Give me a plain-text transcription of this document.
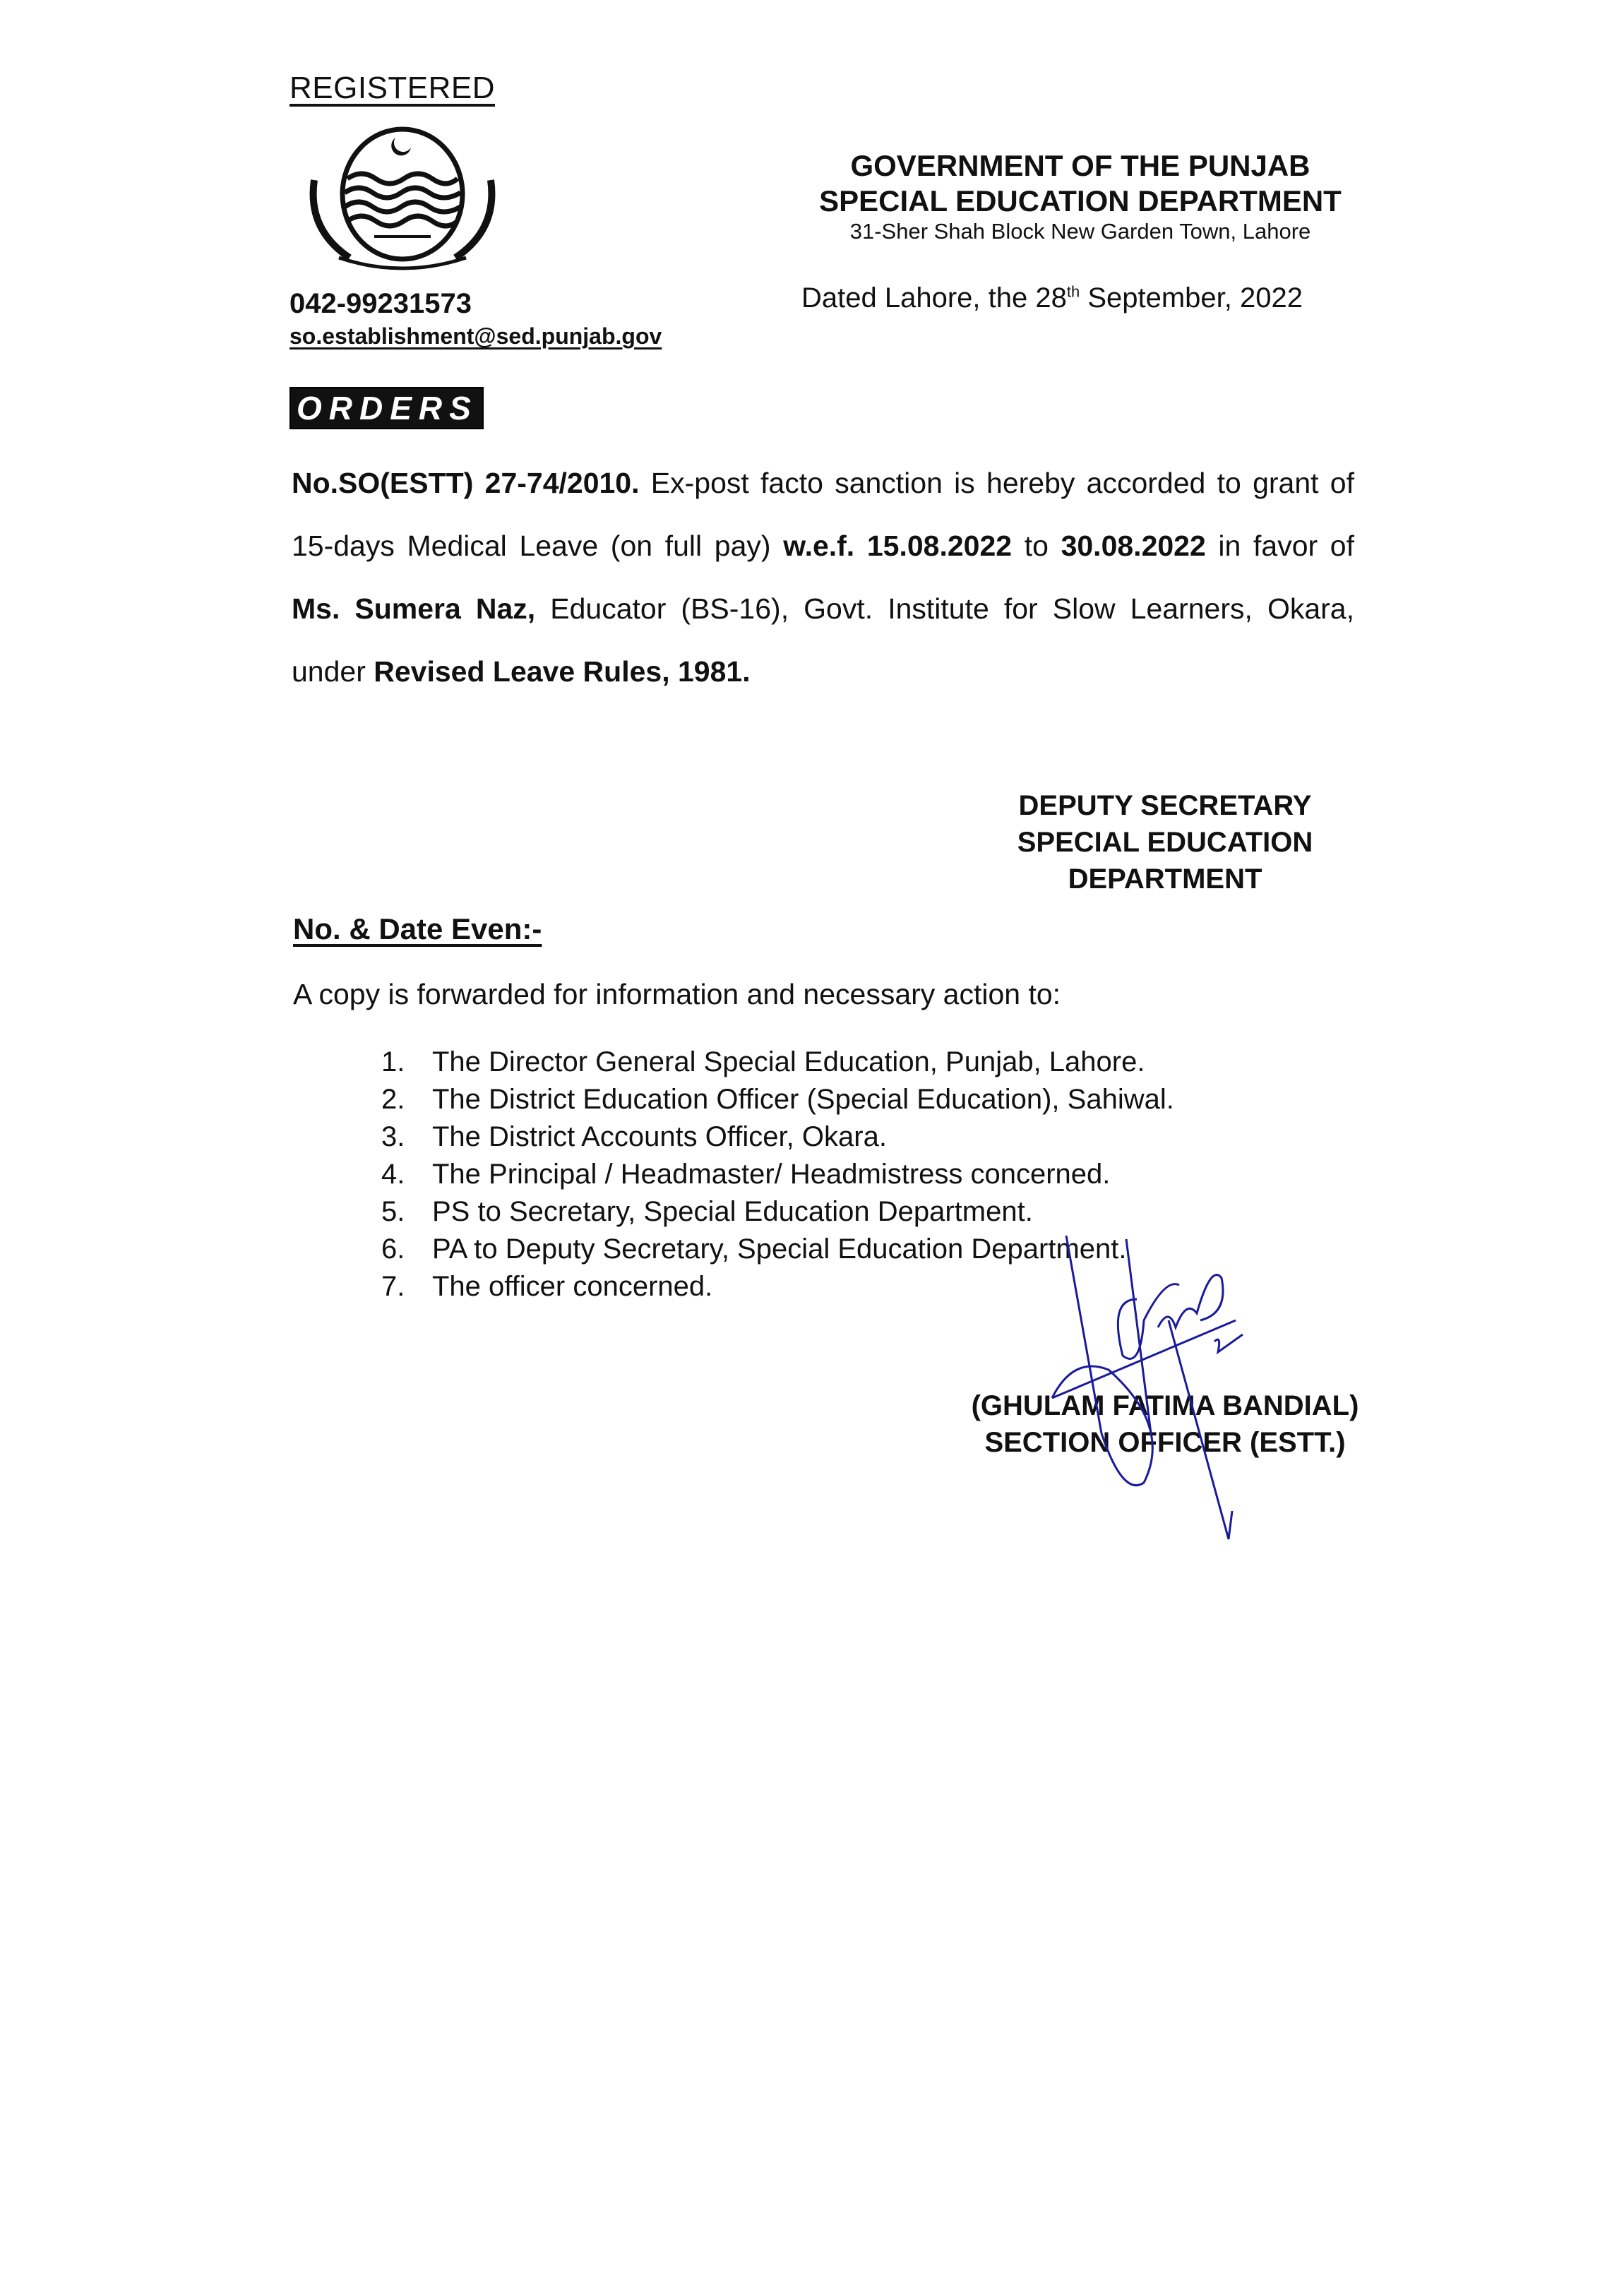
REGISTERED
042-99231573
so.establishment@sed.punjab.gov
GOVERNMENT OF THE PUNJAB
SPECIAL EDUCATION DEPARTMENT
31-Sher Shah Block New Garden Town, Lahore
Dated Lahore, the 28th September, 2022
ORDERS
No.SO(ESTT) 27-74/2010. Ex-post facto sanction is hereby accorded to grant of 15-days Medical Leave (on full pay) w.e.f. 15.08.2022 to 30.08.2022 in favor of Ms. Sumera Naz, Educator (BS-16), Govt. Institute for Slow Learners, Okara, under Revised Leave Rules, 1981.
DEPUTY SECRETARY
SPECIAL EDUCATION
DEPARTMENT
No. & Date Even:-
A copy is forwarded for information and necessary action to:
1. The Director General Special Education, Punjab, Lahore.
2. The District Education Officer (Special Education), Sahiwal.
3. The District Accounts Officer, Okara.
4. The Principal / Headmaster/ Headmistress concerned.
5. PS to Secretary, Special Education Department.
6. PA to Deputy Secretary, Special Education Department.
7. The officer concerned.
(GHULAM FATIMA BANDIAL)
SECTION OFFICER (ESTT.)
